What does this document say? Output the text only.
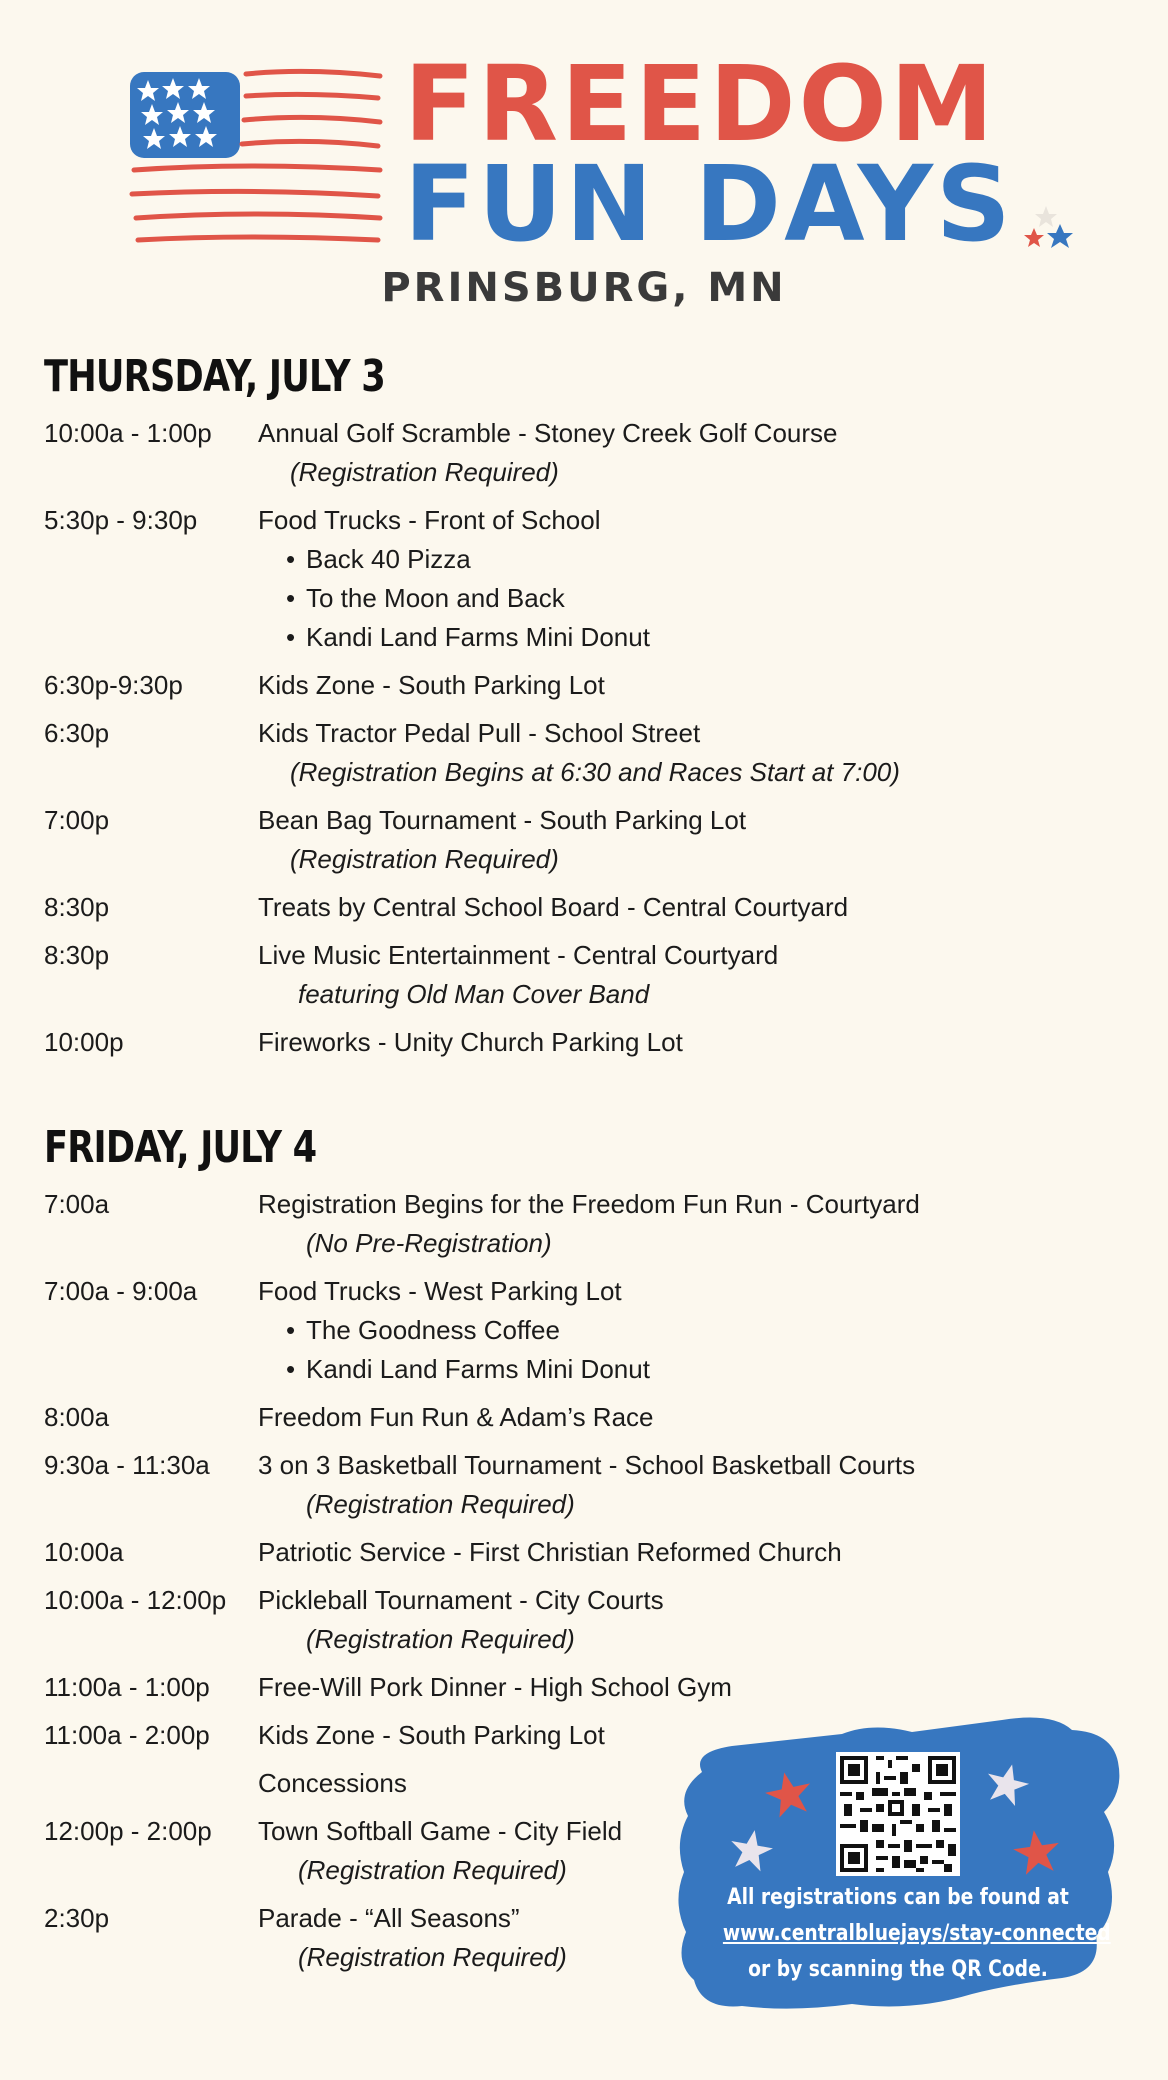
FREEDOM
FUN DAYS
PRINSBURG, MN
THURSDAY, JULY 3
10:00a - 1:00p	Annual Golf Scramble - Stoney Creek Golf Course
(Registration Required)
5:30p - 9:30p	Food Trucks - Front of School
• Back 40 Pizza
• To the Moon and Back
• Kandi Land Farms Mini Donut
6:30p-9:30p	Kids Zone - South Parking Lot
6:30p	Kids Tractor Pedal Pull - School Street
(Registration Begins at 6:30 and Races Start at 7:00)
7:00p	Bean Bag Tournament - South Parking Lot
(Registration Required)
8:30p	Treats by Central School Board - Central Courtyard
8:30p	Live Music Entertainment - Central Courtyard
featuring Old Man Cover Band
10:00p	Fireworks - Unity Church Parking Lot
FRIDAY, JULY 4
7:00a	Registration Begins for the Freedom Fun Run - Courtyard
(No Pre-Registration)
7:00a - 9:00a	Food Trucks - West Parking Lot
• The Goodness Coffee
• Kandi Land Farms Mini Donut
8:00a	Freedom Fun Run & Adam’s Race
9:30a - 11:30a	3 on 3 Basketball Tournament - School Basketball Courts
(Registration Required)
10:00a	Patriotic Service - First Christian Reformed Church
10:00a - 12:00p	Pickleball Tournament - City Courts
(Registration Required)
11:00a - 1:00p	Free-Will Pork Dinner - High School Gym
11:00a - 2:00p	Kids Zone - South Parking Lot
Concessions
12:00p - 2:00p	Town Softball Game - City Field
(Registration Required)
2:30p	Parade - “All Seasons”
(Registration Required)
All registrations can be found at
www.centralbluejays/stay-connected
or by scanning the QR Code.
